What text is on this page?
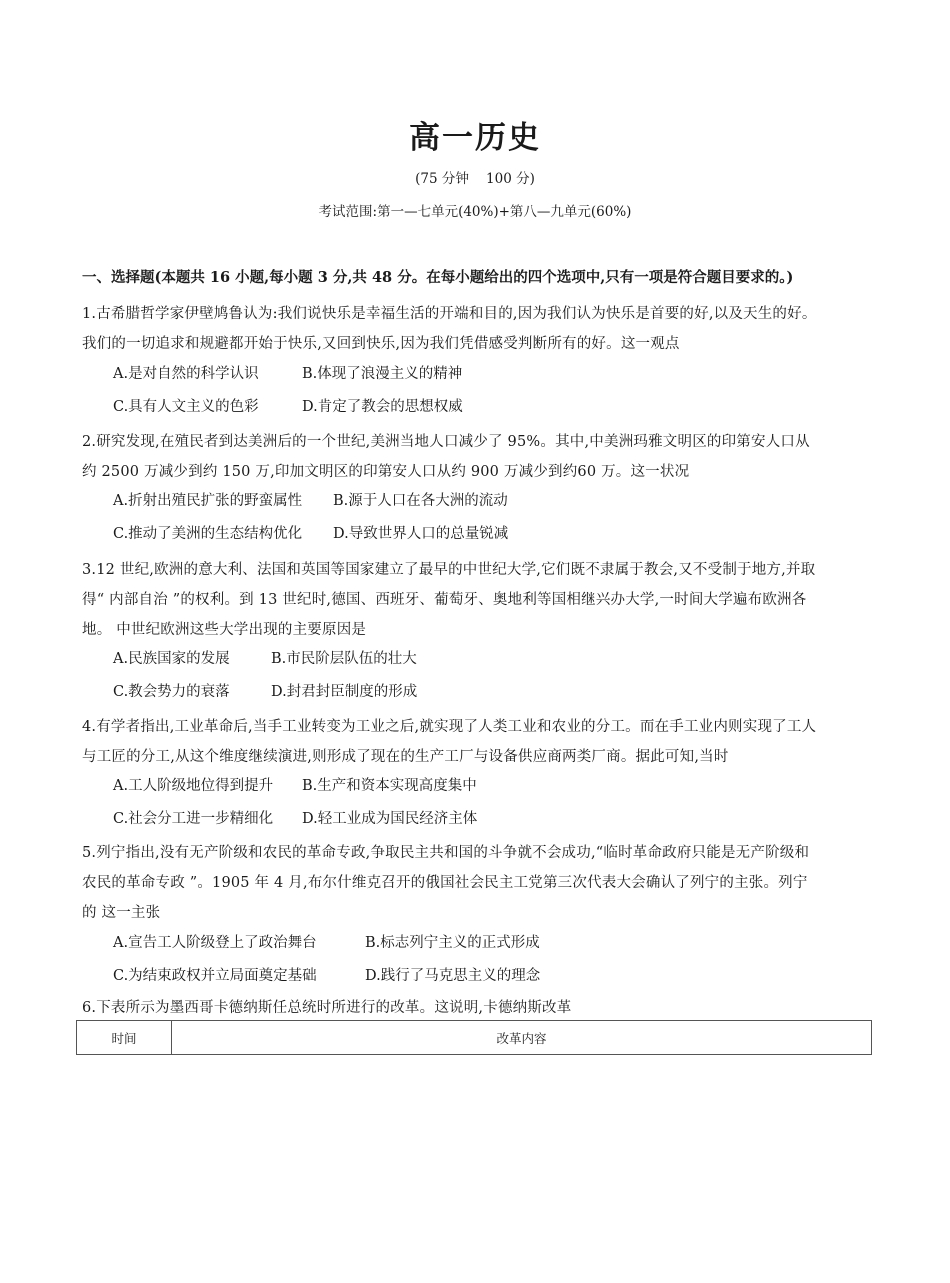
高一历史
(75 分钟    100 分)
考试范围:第一—七单元(40%)+第八—九单元(60%)
一、选择题(本题共 16 小题,每小题 3 分,共 48 分。在每小题给出的四个选项中,只有一项是符合题目要求的。)
1.古希腊哲学家伊壁鸠鲁认为:我们说快乐是幸福生活的开端和目的,因为我们认为快乐是首要的好,以及天生的好。
我们的一切追求和规避都开始于快乐,又回到快乐,因为我们凭借感受判断所有的好。这一观点
A.是对自然的科学认识	B.体现了浪漫主义的精神
C.具有人文主义的色彩	D.肯定了教会的思想权威
2.研究发现,在殖民者到达美洲后的一个世纪,美洲当地人口减少了 95%。其中,中美洲玛雅文明区的印第安人口从
约 2500 万减少到约 150 万,印加文明区的印第安人口从约 900 万减少到约60 万。这一状况
A.折射出殖民扩张的野蛮属性 B.源于人口在各大洲的流动
C.推动了美洲的生态结构优化 D.导致世界人口的总量锐减
3.12 世纪,欧洲的意大利、法国和英国等国家建立了最早的中世纪大学,它们既不隶属于教会,又不受制于地方,并取
得“ 内部自治 ”的权利。到 13 世纪时,德国、西班牙、葡萄牙、奥地利等国相继兴办大学,一时间大学遍布欧洲各
地。 中世纪欧洲这些大学出现的主要原因是
A.民族国家的发展	B.市民阶层队伍的壮大
C.教会势力的衰落	D.封君封臣制度的形成
4.有学者指出,工业革命后,当手工业转变为工业之后,就实现了人类工业和农业的分工。而在手工业内则实现了工人
与工匠的分工,从这个维度继续演进,则形成了现在的生产工厂与设备供应商两类厂商。据此可知,当时
A.工人阶级地位得到提升 B.生产和资本实现高度集中
C.社会分工进一步精细化 D.轻工业成为国民经济主体
5.列宁指出,没有无产阶级和农民的革命专政,争取民主共和国的斗争就不会成功,“临时革命政府只能是无产阶级和
农民的革命专政 ”。1905 年 4 月,布尔什维克召开的俄国社会民主工党第三次代表大会确认了列宁的主张。列宁
的 这一主张
A.宣告工人阶级登上了政治舞台	B.标志列宁主义的正式形成
C.为结束政权并立局面奠定基础	D.践行了马克思主义的理念
6.下表所示为墨西哥卡德纳斯任总统时所进行的改革。这说明,卡德纳斯改革
时间	改革内容
